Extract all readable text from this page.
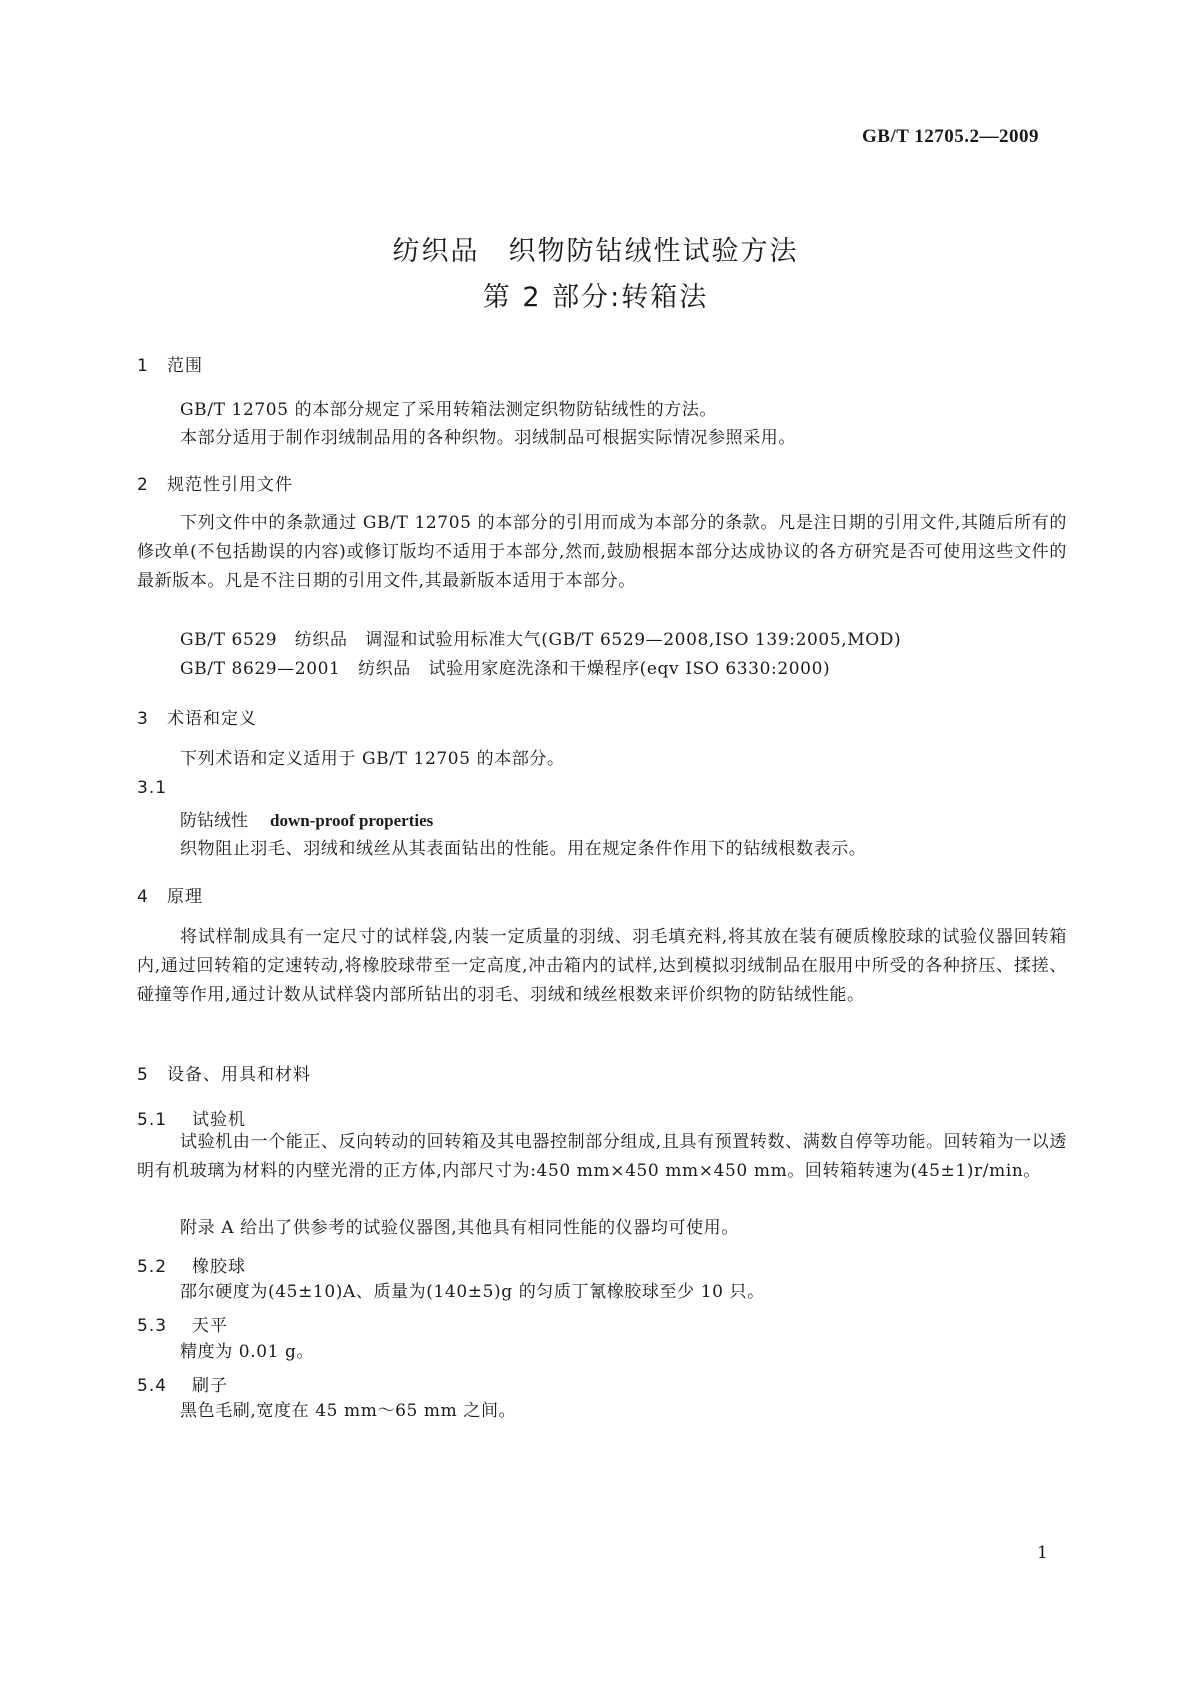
GB/T 12705.2—2009
纺织品　织物防钻绒性试验方法
第 2 部分:转箱法
1 范围
GB/T 12705 的本部分规定了采用转箱法测定织物防钻绒性的方法。
本部分适用于制作羽绒制品用的各种织物。羽绒制品可根据实际情况参照采用。
2 规范性引用文件
下列文件中的条款通过 GB/T 12705 的本部分的引用而成为本部分的条款。凡是注日期的引用文件,其随后所有的修改单(不包括勘误的内容)或修订版均不适用于本部分,然而,鼓励根据本部分达成协议的各方研究是否可使用这些文件的最新版本。凡是不注日期的引用文件,其最新版本适用于本部分。
GB/T 6529　纺织品　调湿和试验用标准大气(GB/T 6529—2008,ISO 139:2005,MOD)
GB/T 8629—2001　纺织品　试验用家庭洗涤和干燥程序(eqv ISO 6330:2000)
3 术语和定义
下列术语和定义适用于 GB/T 12705 的本部分。
3.1
防钻绒性 down-proof properties
织物阻止羽毛、羽绒和绒丝从其表面钻出的性能。用在规定条件作用下的钻绒根数表示。
4 原理
将试样制成具有一定尺寸的试样袋,内装一定质量的羽绒、羽毛填充料,将其放在装有硬质橡胶球的试验仪器回转箱内,通过回转箱的定速转动,将橡胶球带至一定高度,冲击箱内的试样,达到模拟羽绒制品在服用中所受的各种挤压、揉搓、碰撞等作用,通过计数从试样袋内部所钻出的羽毛、羽绒和绒丝根数来评价织物的防钻绒性能。
5 设备、用具和材料
5.1 试验机
试验机由一个能正、反向转动的回转箱及其电器控制部分组成,且具有预置转数、满数自停等功能。回转箱为一以透明有机玻璃为材料的内壁光滑的正方体,内部尺寸为:450 mm×450 mm×450 mm。回转箱转速为(45±1)r/min。
附录 A 给出了供参考的试验仪器图,其他具有相同性能的仪器均可使用。
5.2 橡胶球
邵尔硬度为(45±10)A、质量为(140±5)g 的匀质丁氰橡胶球至少 10 只。
5.3 天平
精度为 0.01 g。
5.4 刷子
黑色毛刷,宽度在 45 mm～65 mm 之间。
1
